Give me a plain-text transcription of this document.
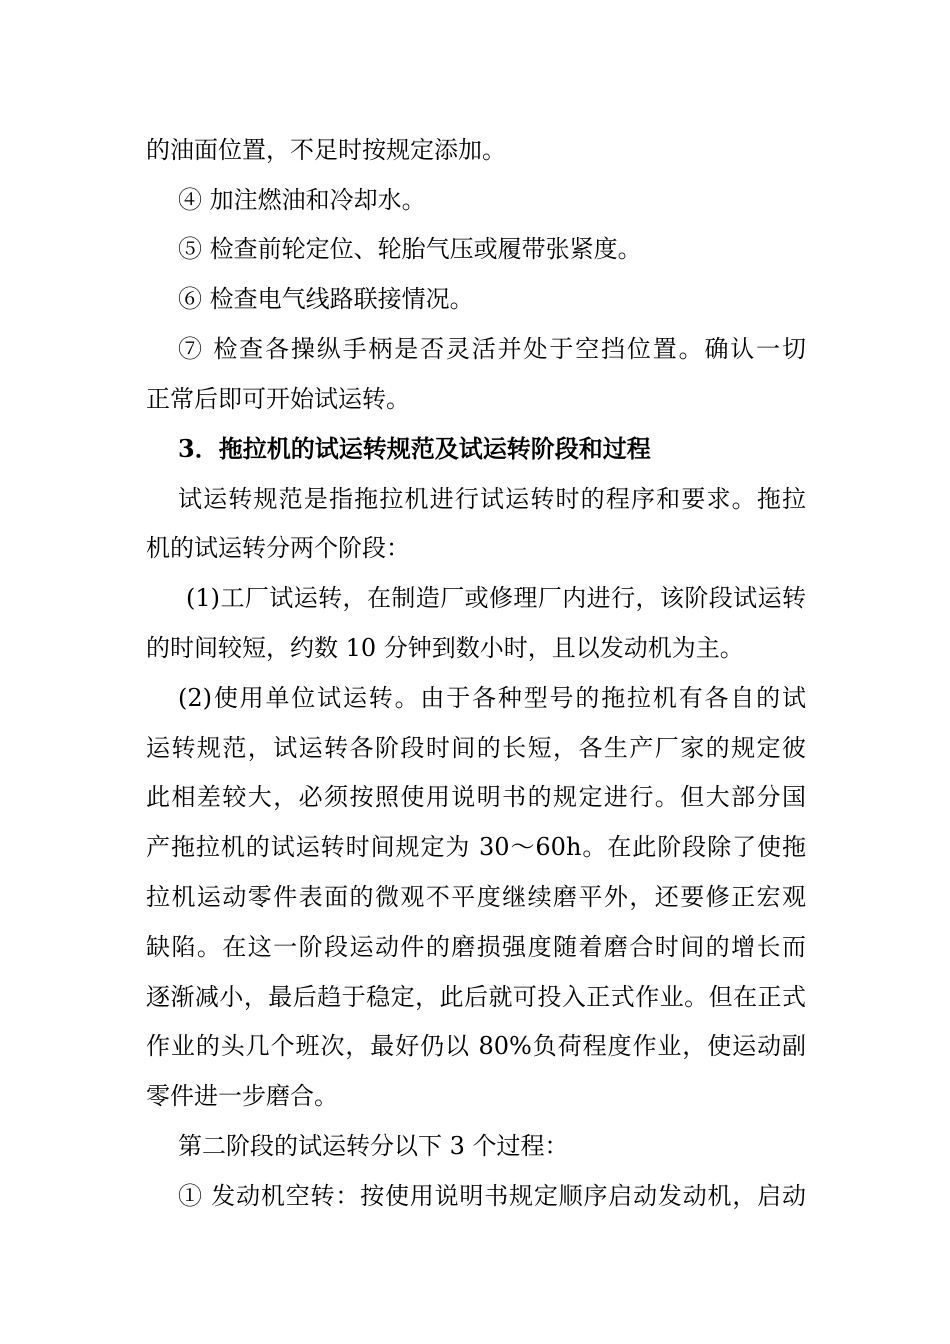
的油面位置，不足时按规定添加。
④ 加注燃油和冷却水。
⑤ 检查前轮定位、轮胎气压或履带张紧度。
⑥ 检查电气线路联接情况。
⑦ 检查各操纵手柄是否灵活并处于空挡位置。确认一切
正常后即可开始试运转。
3．拖拉机的试运转规范及试运转阶段和过程
试运转规范是指拖拉机进行试运转时的程序和要求。拖拉
机的试运转分两个阶段：
(1)工厂试运转，在制造厂或修理厂内进行，该阶段试运转
的时间较短，约数 10 分钟到数小时，且以发动机为主。
(2)使用单位试运转。由于各种型号的拖拉机有各自的试
运转规范，试运转各阶段时间的长短，各生产厂家的规定彼
此相差较大，必须按照使用说明书的规定进行。但大部分国
产拖拉机的试运转时间规定为 30～60h。在此阶段除了使拖
拉机运动零件表面的微观不平度继续磨平外，还要修正宏观
缺陷。在这一阶段运动件的磨损强度随着磨合时间的增长而
逐渐减小，最后趋于稳定，此后就可投入正式作业。但在正式
作业的头几个班次，最好仍以 80%负荷程度作业，使运动副
零件进一步磨合。
第二阶段的试运转分以下 3 个过程：
① 发动机空转：按使用说明书规定顺序启动发动机，启动
